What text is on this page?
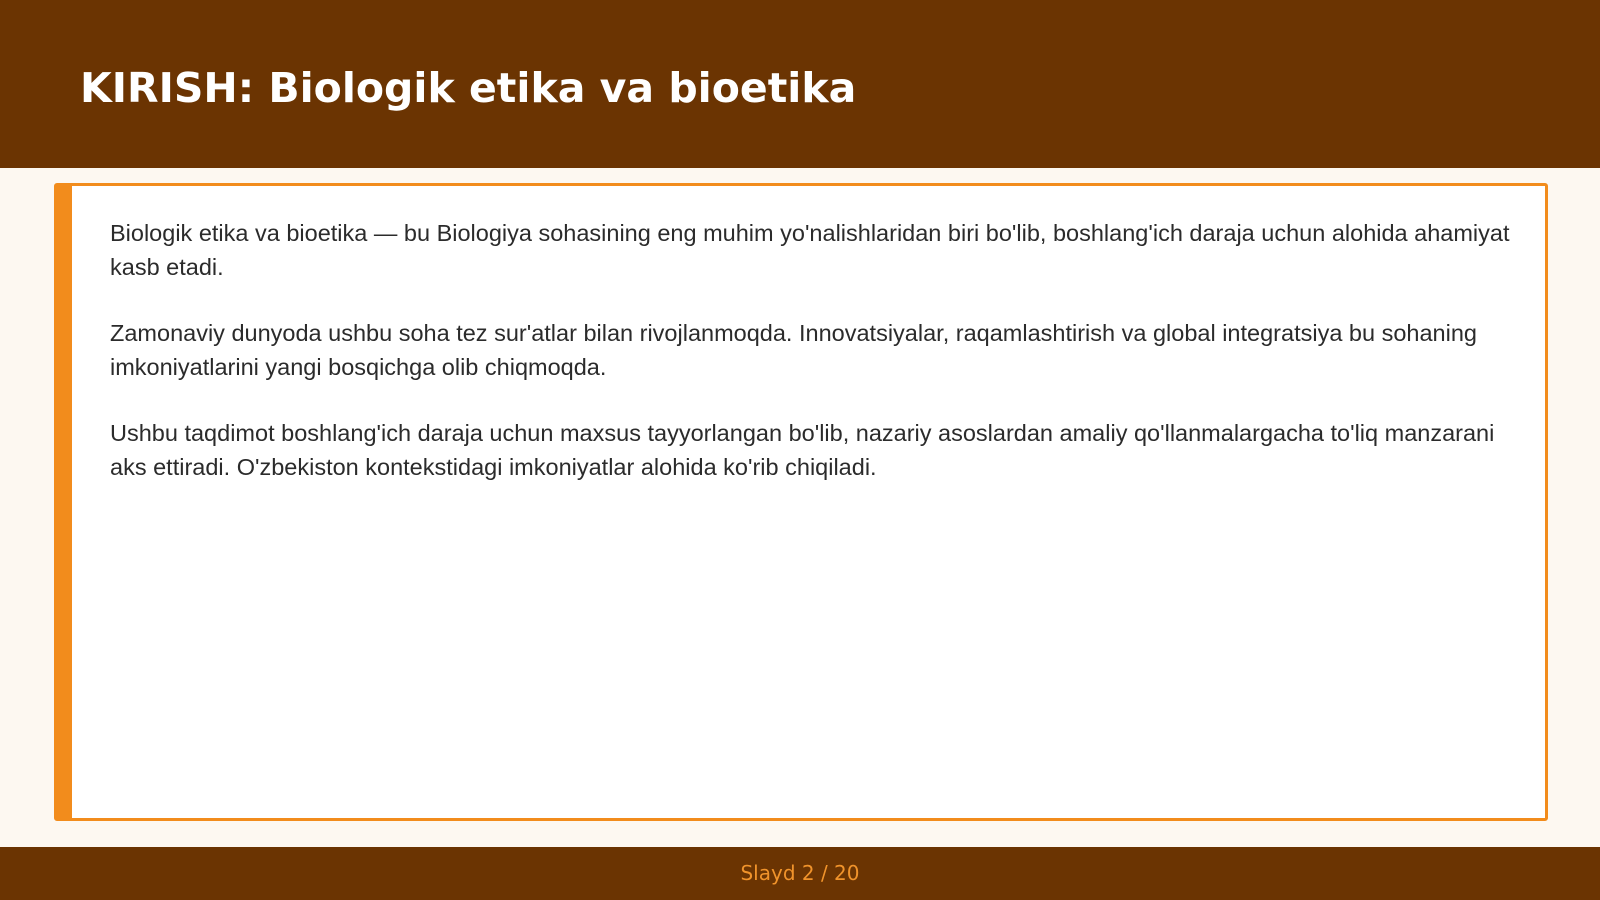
KIRISH: Biologik etika va bioetika

Biologik etika va bioetika — bu Biologiya sohasining eng muhim yo'nalishlaridan biri bo'lib, boshlang'ich daraja uchun alohida ahamiyat kasb etadi.

Zamonaviy dunyoda ushbu soha tez sur'atlar bilan rivojlanmoqda. Innovatsiyalar, raqamlashtirish va global integratsiya bu sohaning imkoniyatlarini yangi bosqichga olib chiqmoqda.

Ushbu taqdimot boshlang'ich daraja uchun maxsus tayyorlangan bo'lib, nazariy asoslardan amaliy qo'llanmalargacha to'liq manzarani aks ettiradi. O'zbekiston kontekstidagi imkoniyatlar alohida ko'rib chiqiladi.

Slayd 2 / 20
